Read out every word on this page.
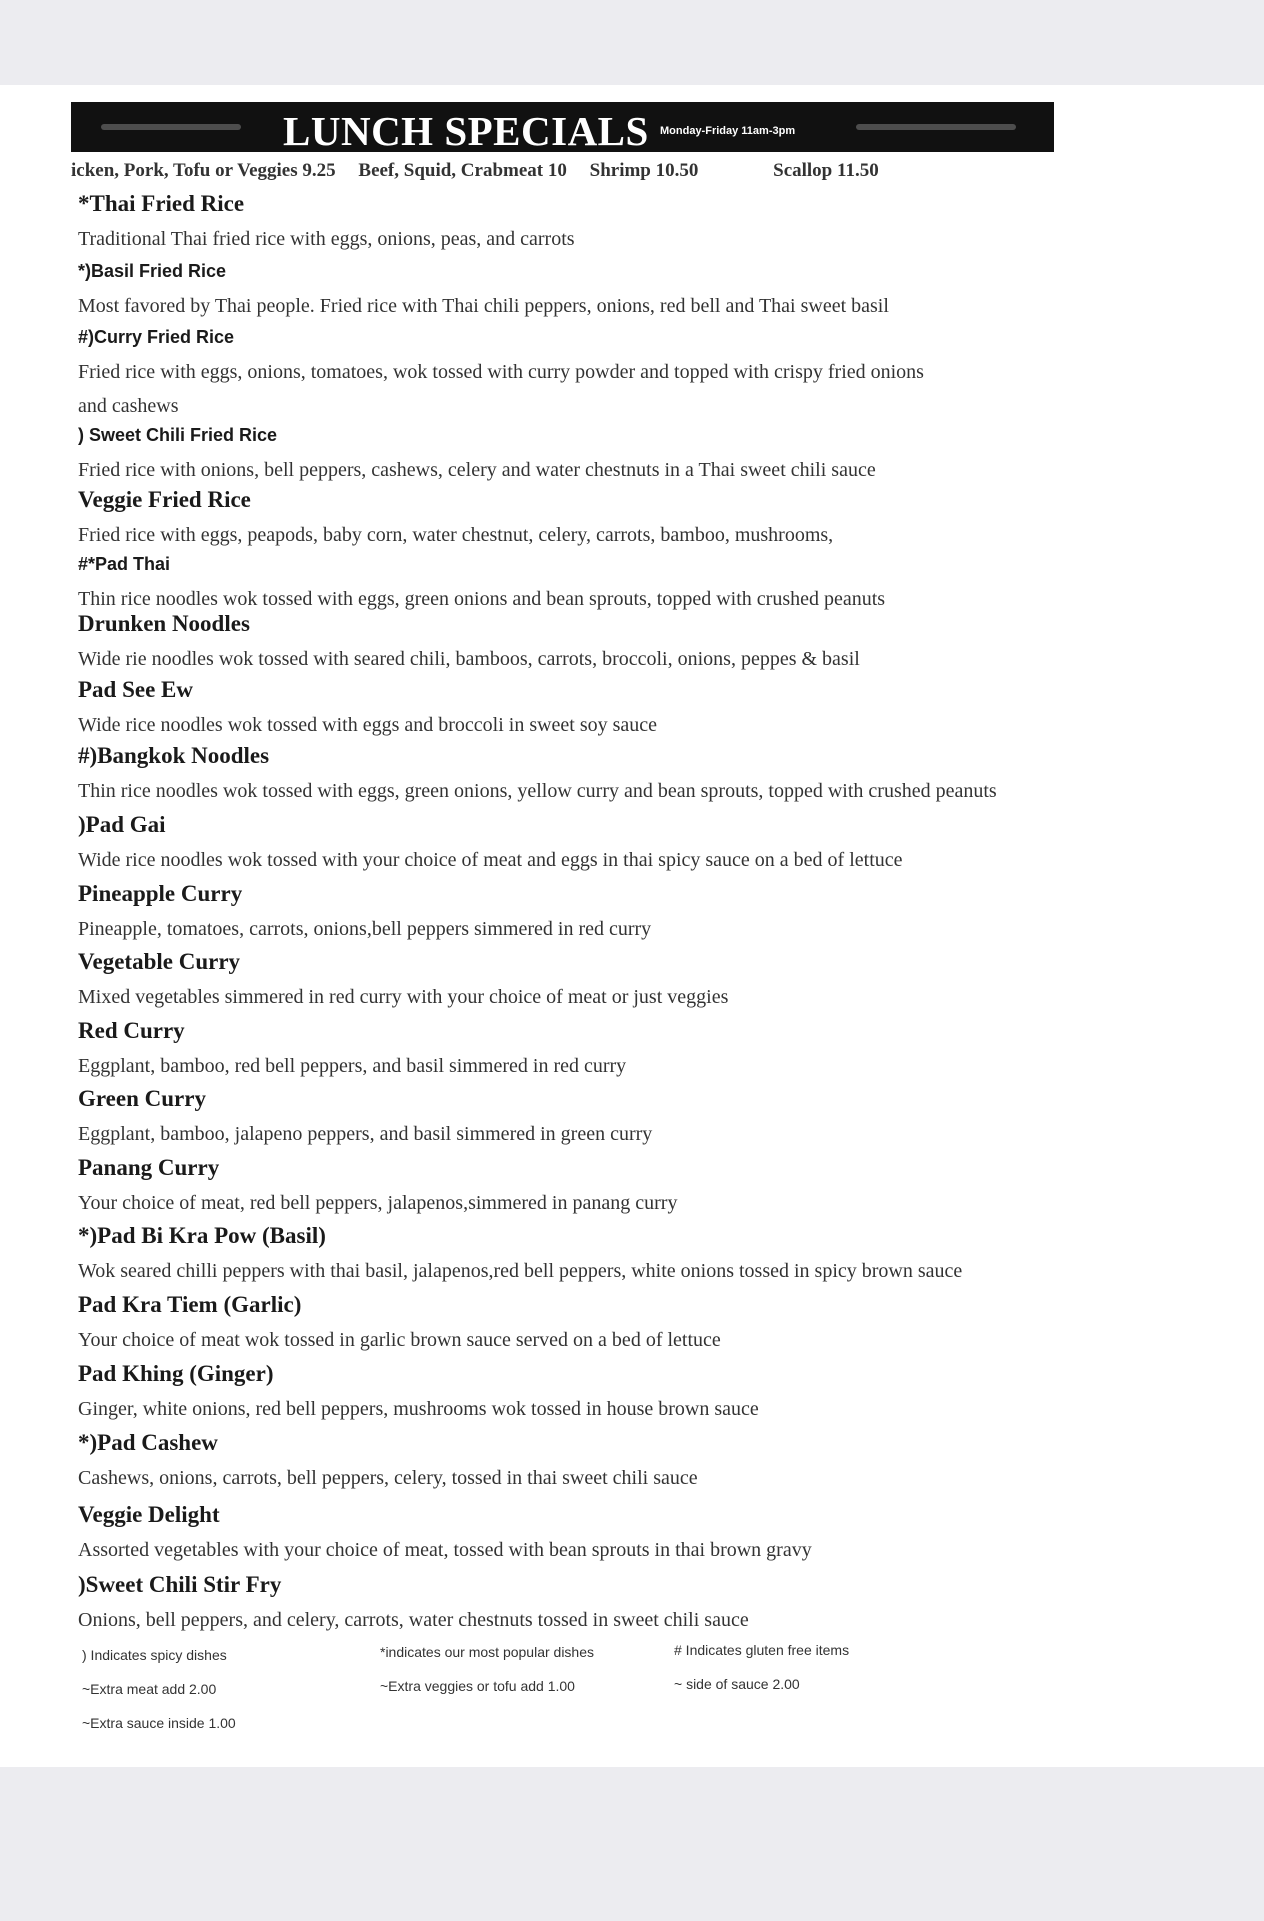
LUNCH SPECIALS Monday-Friday 11am-3pm
icken, Pork, Tofu or Veggies 9.25 Beef, Squid, Crabmeat 10 Shrimp 10.50	Scallop 11.50
*Thai Fried Rice
Traditional Thai fried rice with eggs, onions, peas, and carrots
*)Basil Fried Rice
Most favored by Thai people. Fried rice with Thai chili peppers, onions, red bell and Thai sweet basil
#)Curry Fried Rice
Fried rice with eggs, onions, tomatoes, wok tossed with curry powder and topped with crispy fried onions
and cashews
) Sweet Chili Fried Rice
Fried rice with onions, bell peppers, cashews, celery and water chestnuts in a Thai sweet chili sauce
Veggie Fried Rice
Fried rice with eggs, peapods, baby corn, water chestnut, celery, carrots, bamboo, mushrooms,
#*Pad Thai
Thin rice noodles wok tossed with eggs, green onions and bean sprouts, topped with crushed peanuts
Drunken Noodles
Wide rie noodles wok tossed with seared chili, bamboos, carrots, broccoli, onions, peppes & basil
Pad See Ew
Wide rice noodles wok tossed with eggs and broccoli in sweet soy sauce
#)Bangkok Noodles
Thin rice noodles wok tossed with eggs, green onions, yellow curry and bean sprouts, topped with crushed peanuts
)Pad Gai
Wide rice noodles wok tossed with your choice of meat and eggs in thai spicy sauce on a bed of lettuce
Pineapple Curry
Pineapple, tomatoes, carrots, onions,bell peppers simmered in red curry
Vegetable Curry
Mixed vegetables simmered in red curry with your choice of meat or just veggies
Red Curry
Eggplant, bamboo, red bell peppers, and basil simmered in red curry
Green Curry
Eggplant, bamboo, jalapeno peppers, and basil simmered in green curry
Panang Curry
Your choice of meat, red bell peppers, jalapenos,simmered in panang curry
*)Pad Bi Kra Pow (Basil)
Wok seared chilli peppers with thai basil, jalapenos,red bell peppers, white onions tossed in spicy brown sauce
Pad Kra Tiem (Garlic)
Your choice of meat wok tossed in garlic brown sauce served on a bed of lettuce
Pad Khing (Ginger)
Ginger, white onions, red bell peppers, mushrooms wok tossed in house brown sauce
*)Pad Cashew
Cashews, onions, carrots, bell peppers, celery, tossed in thai sweet chili sauce
Veggie Delight
Assorted vegetables with your choice of meat, tossed with bean sprouts in thai brown gravy
)Sweet Chili Stir Fry
Onions, bell peppers, and celery, carrots, water chestnuts tossed in sweet chili sauce
) Indicates spicy dishes	*indicates our most popular dishes	# Indicates gluten free items
~Extra meat add 2.00	~Extra veggies or tofu add 1.00	~ side of sauce 2.00
~Extra sauce inside 1.00
